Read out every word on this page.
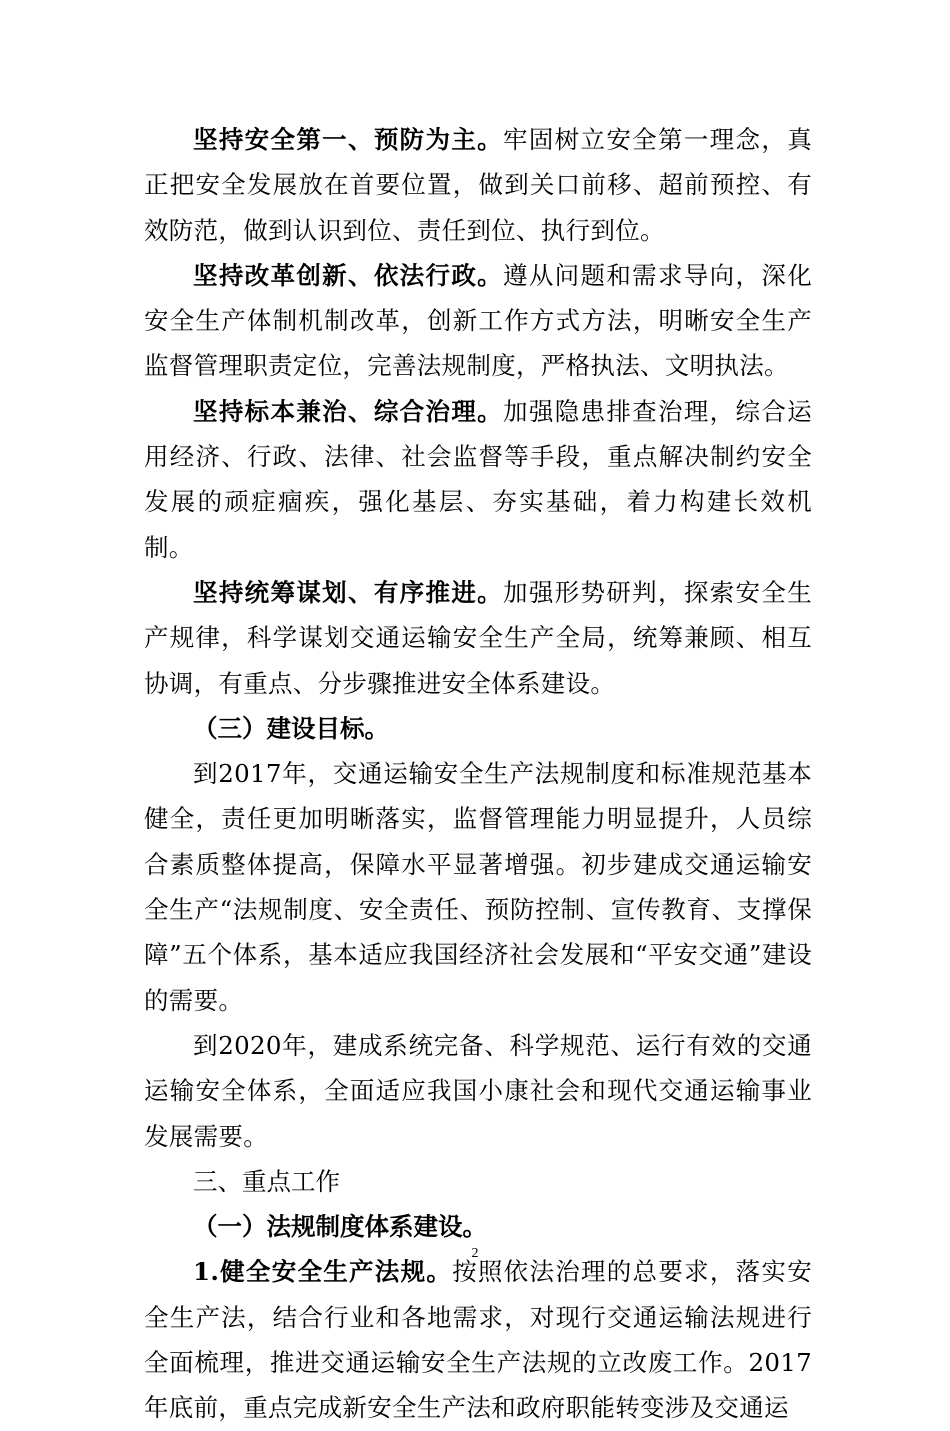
坚持安全第一、预防为主。牢固树立安全第一理念，真正把安全发展放在首要位置，做到关口前移、超前预控、有效防范，做到认识到位、责任到位、执行到位。

坚持改革创新、依法行政。遵从问题和需求导向，深化安全生产体制机制改革，创新工作方式方法，明晰安全生产监督管理职责定位，完善法规制度，严格执法、文明执法。

坚持标本兼治、综合治理。加强隐患排查治理，综合运用经济、行政、法律、社会监督等手段，重点解决制约安全发展的顽症痼疾，强化基层、夯实基础，着力构建长效机制。

坚持统筹谋划、有序推进。加强形势研判，探索安全生产规律，科学谋划交通运输安全生产全局，统筹兼顾、相互协调，有重点、分步骤推进安全体系建设。

（三）建设目标。

到2017年，交通运输安全生产法规制度和标准规范基本健全，责任更加明晰落实，监督管理能力明显提升，人员综合素质整体提高，保障水平显著增强。初步建成交通运输安全生产“法规制度、安全责任、预防控制、宣传教育、支撑保障”五个体系，基本适应我国经济社会发展和“平安交通”建设的需要。

到2020年，建成系统完备、科学规范、运行有效的交通运输安全体系，全面适应我国小康社会和现代交通运输事业发展需要。

三、重点工作

（一）法规制度体系建设。

1.健全安全生产法规。按照依法治理的总要求，落实安全生产法，结合行业和各地需求，对现行交通运输法规进行全面梳理，推进交通运输安全生产法规的立改废工作。2017年底前，重点完成新安全生产法和政府职能转变涉及交通运

2
